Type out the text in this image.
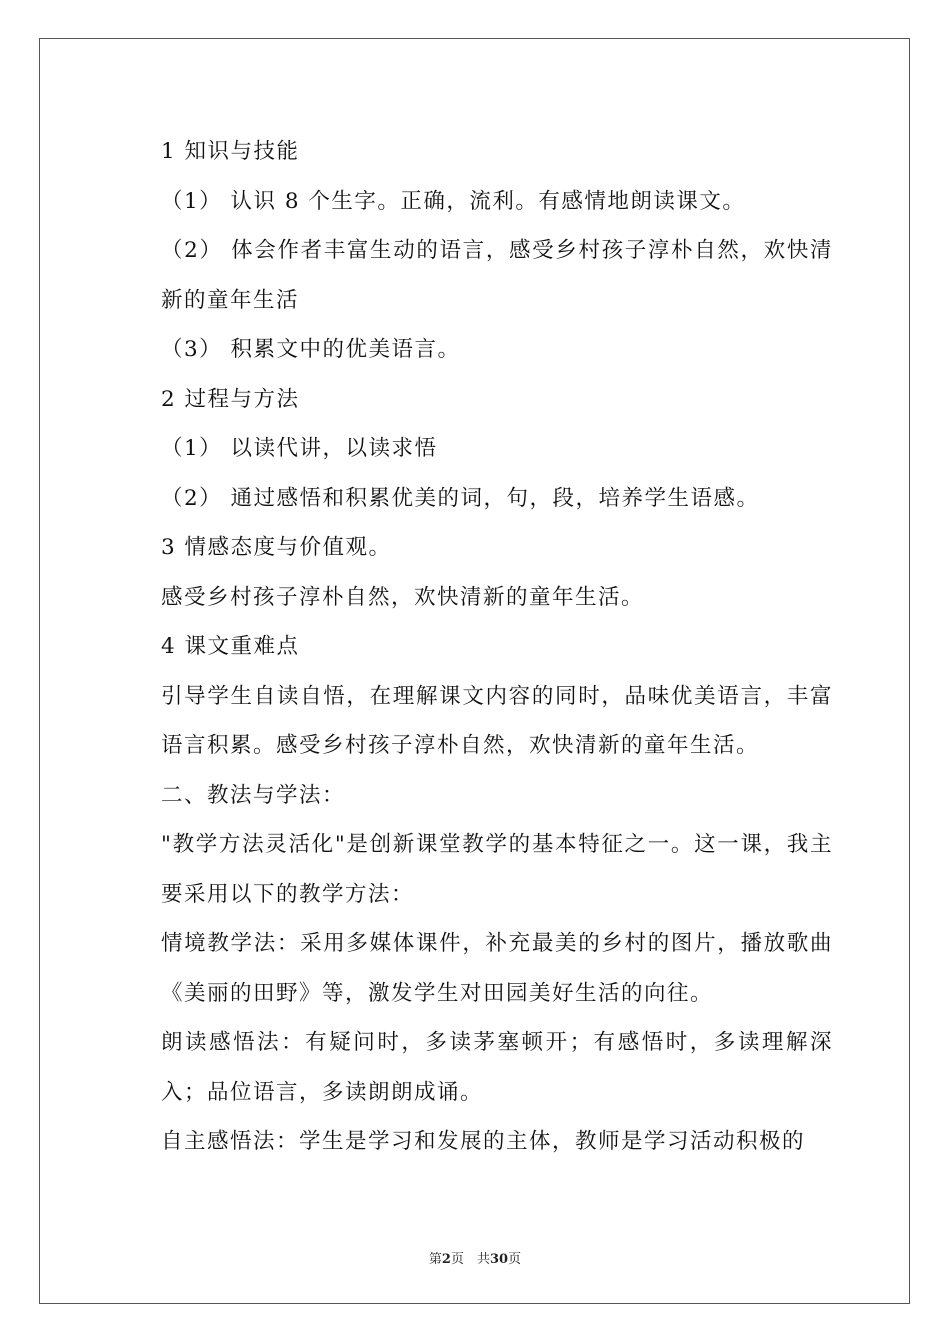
1 知识与技能

（1） 认识 8 个生字。正确，流利。有感情地朗读课文。

（2） 体会作者丰富生动的语言，感受乡村孩子淳朴自然，欢快清新的童年生活

（3） 积累文中的优美语言。

2 过程与方法

（1） 以读代讲，以读求悟

（2） 通过感悟和积累优美的词，句，段，培养学生语感。

3 情感态度与价值观。

感受乡村孩子淳朴自然，欢快清新的童年生活。

4 课文重难点

引导学生自读自悟，在理解课文内容的同时，品味优美语言，丰富语言积累。感受乡村孩子淳朴自然，欢快清新的童年生活。

二、教法与学法：

"教学方法灵活化"是创新课堂教学的基本特征之一。这一课，我主要采用以下的教学方法：

情境教学法：采用多媒体课件，补充最美的乡村的图片，播放歌曲《美丽的田野》等，激发学生对田园美好生活的向往。

朗读感悟法：有疑问时，多读茅塞顿开；有感悟时，多读理解深入；品位语言，多读朗朗成诵。

自主感悟法：学生是学习和发展的主体，教师是学习活动积极的

第2页　共30页
